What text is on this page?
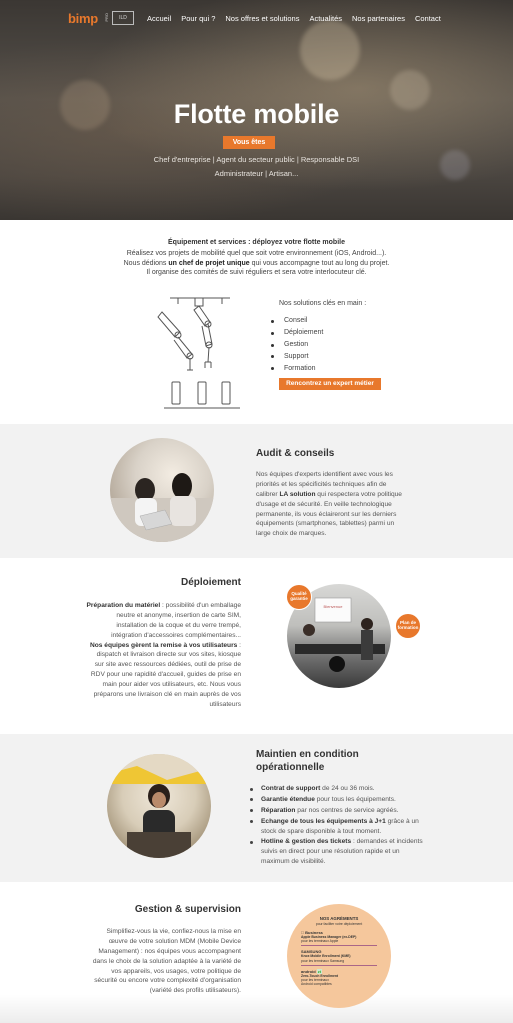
bimp PRO	ILD	Accueil Pour qui ? Nos offres et solutions Actualités Nos partenaires Contact
Flotte mobile
Vous êtes
Chef d'entreprise | Agent du secteur public | Responsable DSI
Administrateur | Artisan...
Équipement et services : déployez votre flotte mobile
Réalisez vos projets de mobilité quel que soit votre environnement (iOS, Android...).
Nous dédions un chef de projet unique qui vous accompagne tout au long du projet.
Il organise des comités de suivi réguliers et sera votre interlocuteur clé.
Nos solutions clés en main :
Conseil
Déploiement
Gestion
Support
Formation
Rencontrez un expert métier
Audit & conseils
Nos équipes d'experts identifient avec vous les
priorités et les spécificités techniques afin de
calibrer LA solution qui respectera votre politique
d'usage et de sécurité. En veille technologique
permanente, ils vous éclaireront sur les derniers
équipements (smartphones, tablettes) parmi un
large choix de marques.
Déploiement
Préparation du matériel : possibilité d'un emballage
neutre et anonyme, insertion de carte SIM,
installation de la coque et du verre trempé,
intégration d'accessoires complémentaires...
Nos équipes gèrent la remise à vos utilisateurs :
dispatch et livraison directe sur vos sites, kiosque
sur site avec ressources dédiées, outil de prise de
RDV pour une rapidité d'accueil, guides de prise en
main pour aider vos utilisateurs, etc. Nous vous
préparons une livraison clé en main auprès de vos
utilisateurs
Bienvenue
Qualité garantie
Plan de formation
Maintien en condition
opérationnelle
Contrat de support de 24 ou 36 mois.
Garantie étendue pour tous les équipements.
Réparation par nos centres de service agréés.
Echange de tous les équipements à J+1 grâce à un stock de spare disponible à tout moment.
Hotline & gestion des tickets : demandes et incidents suivis en direct pour une résolution rapide et un maximum de visibilité.
Gestion & supervision
Simplifiez-vous la vie, confiez-nous la mise en
œuvre de votre solution MDM (Mobile Device
Management) : nos équipes vous accompagnent
dans le choix de la solution adaptée à la variété de
vos appareils, vos usages, votre politique de
sécurité ou encore votre complexité d'organisation
(variété des profils utilisateurs).
NOS AGRÉMENTS
pour faciliter votre déploiement
Business
Apple Business Manager (ex-DEP)
pour les terminaux Apple
SAMSUNG
Knox Mobile Enrollment (KME)
pour les terminaux Samsung
android zt
Zero-Touch Enrollment
pour les terminaux
Android compatibles
